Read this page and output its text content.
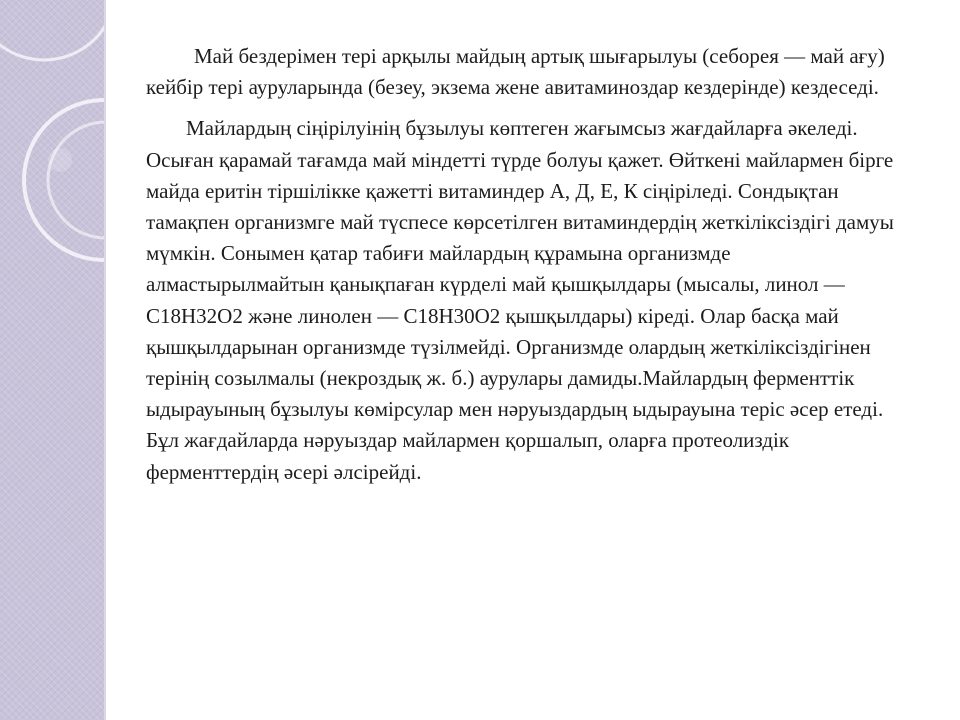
Май бездерімен тері арқылы майдың артық шығарылуы (себорея — май ағу) кейбір тері ауруларында (безеу, экзема жене авитаминоздар кездерінде) кездеседі.

Майлардың сіңірілуінің бұзылуы көптеген жағымсыз жағдайларға әкеледі. Осыған қарамай тағамда май міндетті түрде болуы қажет. Өйткені майлармен бірге майда еритін тіршілікке қажетті витаминдер А, Д, Е, К сіңіріледі. Сондықтан тамақпен организмге май түспесе көрсетілген витаминдердің жеткіліксіздігі дамуы мүмкін. Сонымен қатар табиғи майлардың құрамына организмде алмастырылмайтын қанықпаған күрделі май қышқылдары (мысалы, линол — С18Н32О2 және линолен — С18Н30О2 қышқылдары) кіреді. Олар басқа май қышқылдарынан организмде түзілмейді. Организмде олардың жеткіліксіздігінен терінің созылмалы (некроздық ж. б.) аурулары дамиды.Майлардың ферменттік ыдырауының бұзылуы көмірсулар мен нәруыздардың ыдырауына теріс әсер етеді. Бұл жағдайларда нәруыздар майлармен қоршалып, оларға протеолиздік ферменттердің әсері әлсірейді.
